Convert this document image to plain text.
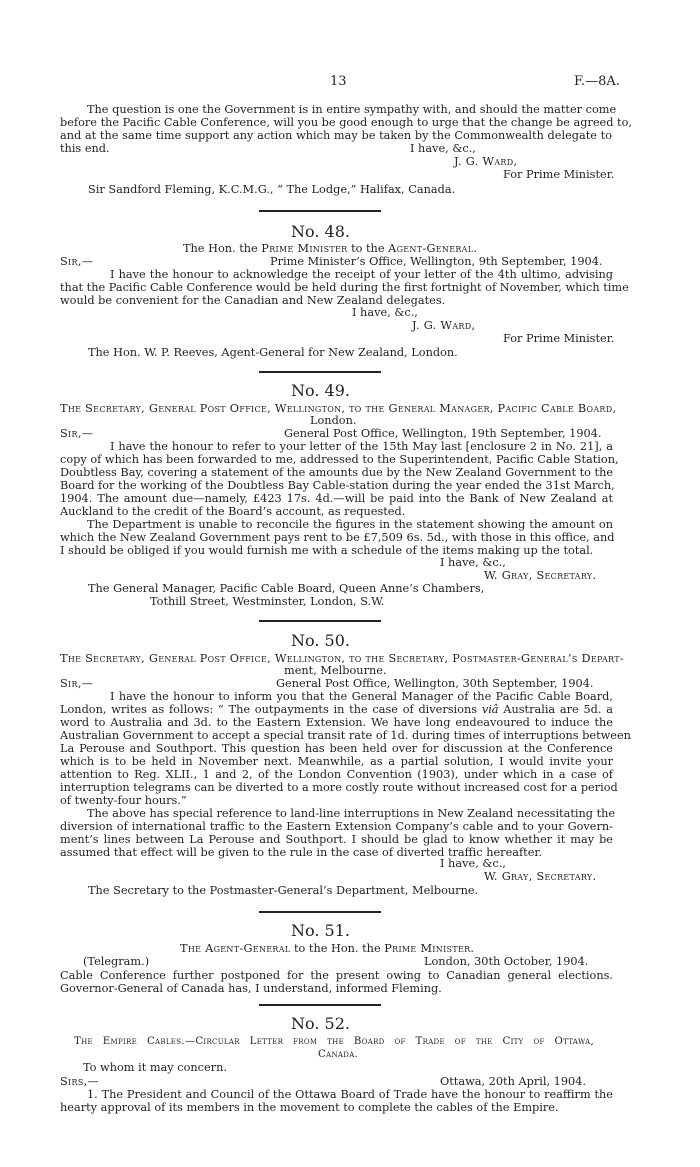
13	F.—8A.
The question is one the Government is in entire sympathy with, and should the matter come
before the Pacific Cable Conference, will you be good enough to urge that the change be agreed to,
and at the same time support any action which may be taken by the Commonwealth delegate to
this end.	I have, &c.,
J. G. Ward,
For Prime Minister.
Sir Sandford Fleming, K.C.M.G., “ The Lodge,” Halifax, Canada.
No. 48.
The Hon. the Prime Minister to the Agent-General.
Sir,—	Prime Minister’s Office, Wellington, 9th September, 1904.
I have the honour to acknowledge the receipt of your letter of the 4th ultimo, advising
that the Pacific Cable Conference would be held during the first fortnight of November, which time
would be convenient for the Canadian and New Zealand delegates.
I have, &c.,
J. G. Ward,
For Prime Minister.
The Hon. W. P. Reeves, Agent-General for New Zealand, London.
No. 49.
The Secretary, General Post Office, Wellington, to the General Manager, Pacific Cable Board,
London.
Sir,—	General Post Office, Wellington, 19th September, 1904.
I have the honour to refer to your letter of the 15th May last [enclosure 2 in No. 21], a
copy of which has been forwarded to me, addressed to the Superintendent, Pacific Cable Station,
Doubtless Bay, covering a statement of the amounts due by the New Zealand Government to the
Board for the working of the Doubtless Bay Cable-station during the year ended the 31st March,
1904. The amount due—namely, £423 17s. 4d.—will be paid into the Bank of New Zealand at
Auckland to the credit of the Board’s account, as requested.
The Department is unable to reconcile the figures in the statement showing the amount on
which the New Zealand Government pays rent to be £7,509 6s. 5d., with those in this office, and
I should be obliged if you would furnish me with a schedule of the items making up the total.
I have, &c.,
W. Gray, Secretary.
The General Manager, Pacific Cable Board, Queen Anne’s Chambers,
Tothill Street, Westminster, London, S.W.
No. 50.
The Secretary, General Post Office, Wellington, to the Secretary, Postmaster-General’s Depart-
ment, Melbourne.
Sir,—	General Post Office, Wellington, 30th September, 1904.
I have the honour to inform you that the General Manager of the Pacific Cable Board,
London, writes as follows: “ The outpayments in the case of diversions viâ Australia are 5d. a
word to Australia and 3d. to the Eastern Extension. We have long endeavoured to induce the
Australian Government to accept a special transit rate of 1d. during times of interruptions between
La Perouse and Southport. This question has been held over for discussion at the Conference
which is to be held in November next. Meanwhile, as a partial solution, I would invite your
attention to Reg. XLII., 1 and 2, of the London Convention (1903), under which in a case of
interruption telegrams can be diverted to a more costly route without increased cost for a period
of twenty-four hours.”
The above has special reference to land-line interruptions in New Zealand necessitating the
diversion of international traffic to the Eastern Extension Company’s cable and to your Govern-
ment’s lines between La Perouse and Southport. I should be glad to know whether it may be
assumed that effect will be given to the rule in the case of diverted traffic hereafter.
I have, &c.,
W. Gray, Secretary.
The Secretary to the Postmaster-General’s Department, Melbourne.
No. 51.
The Agent-General to the Hon. the Prime Minister.
(Telegram.)	London, 30th October, 1904.
Cable Conference further postponed for the present owing to Canadian general elections.
Governor-General of Canada has, I understand, informed Fleming.
No. 52.
The Empire Cables.—Circular Letter from the Board of Trade of the City of Ottawa,
Canada.
To whom it may concern.
Sirs,—	Ottawa, 20th April, 1904.
1. The President and Council of the Ottawa Board of Trade have the honour to reaffirm the
hearty approval of its members in the movement to complete the cables of the Empire.
